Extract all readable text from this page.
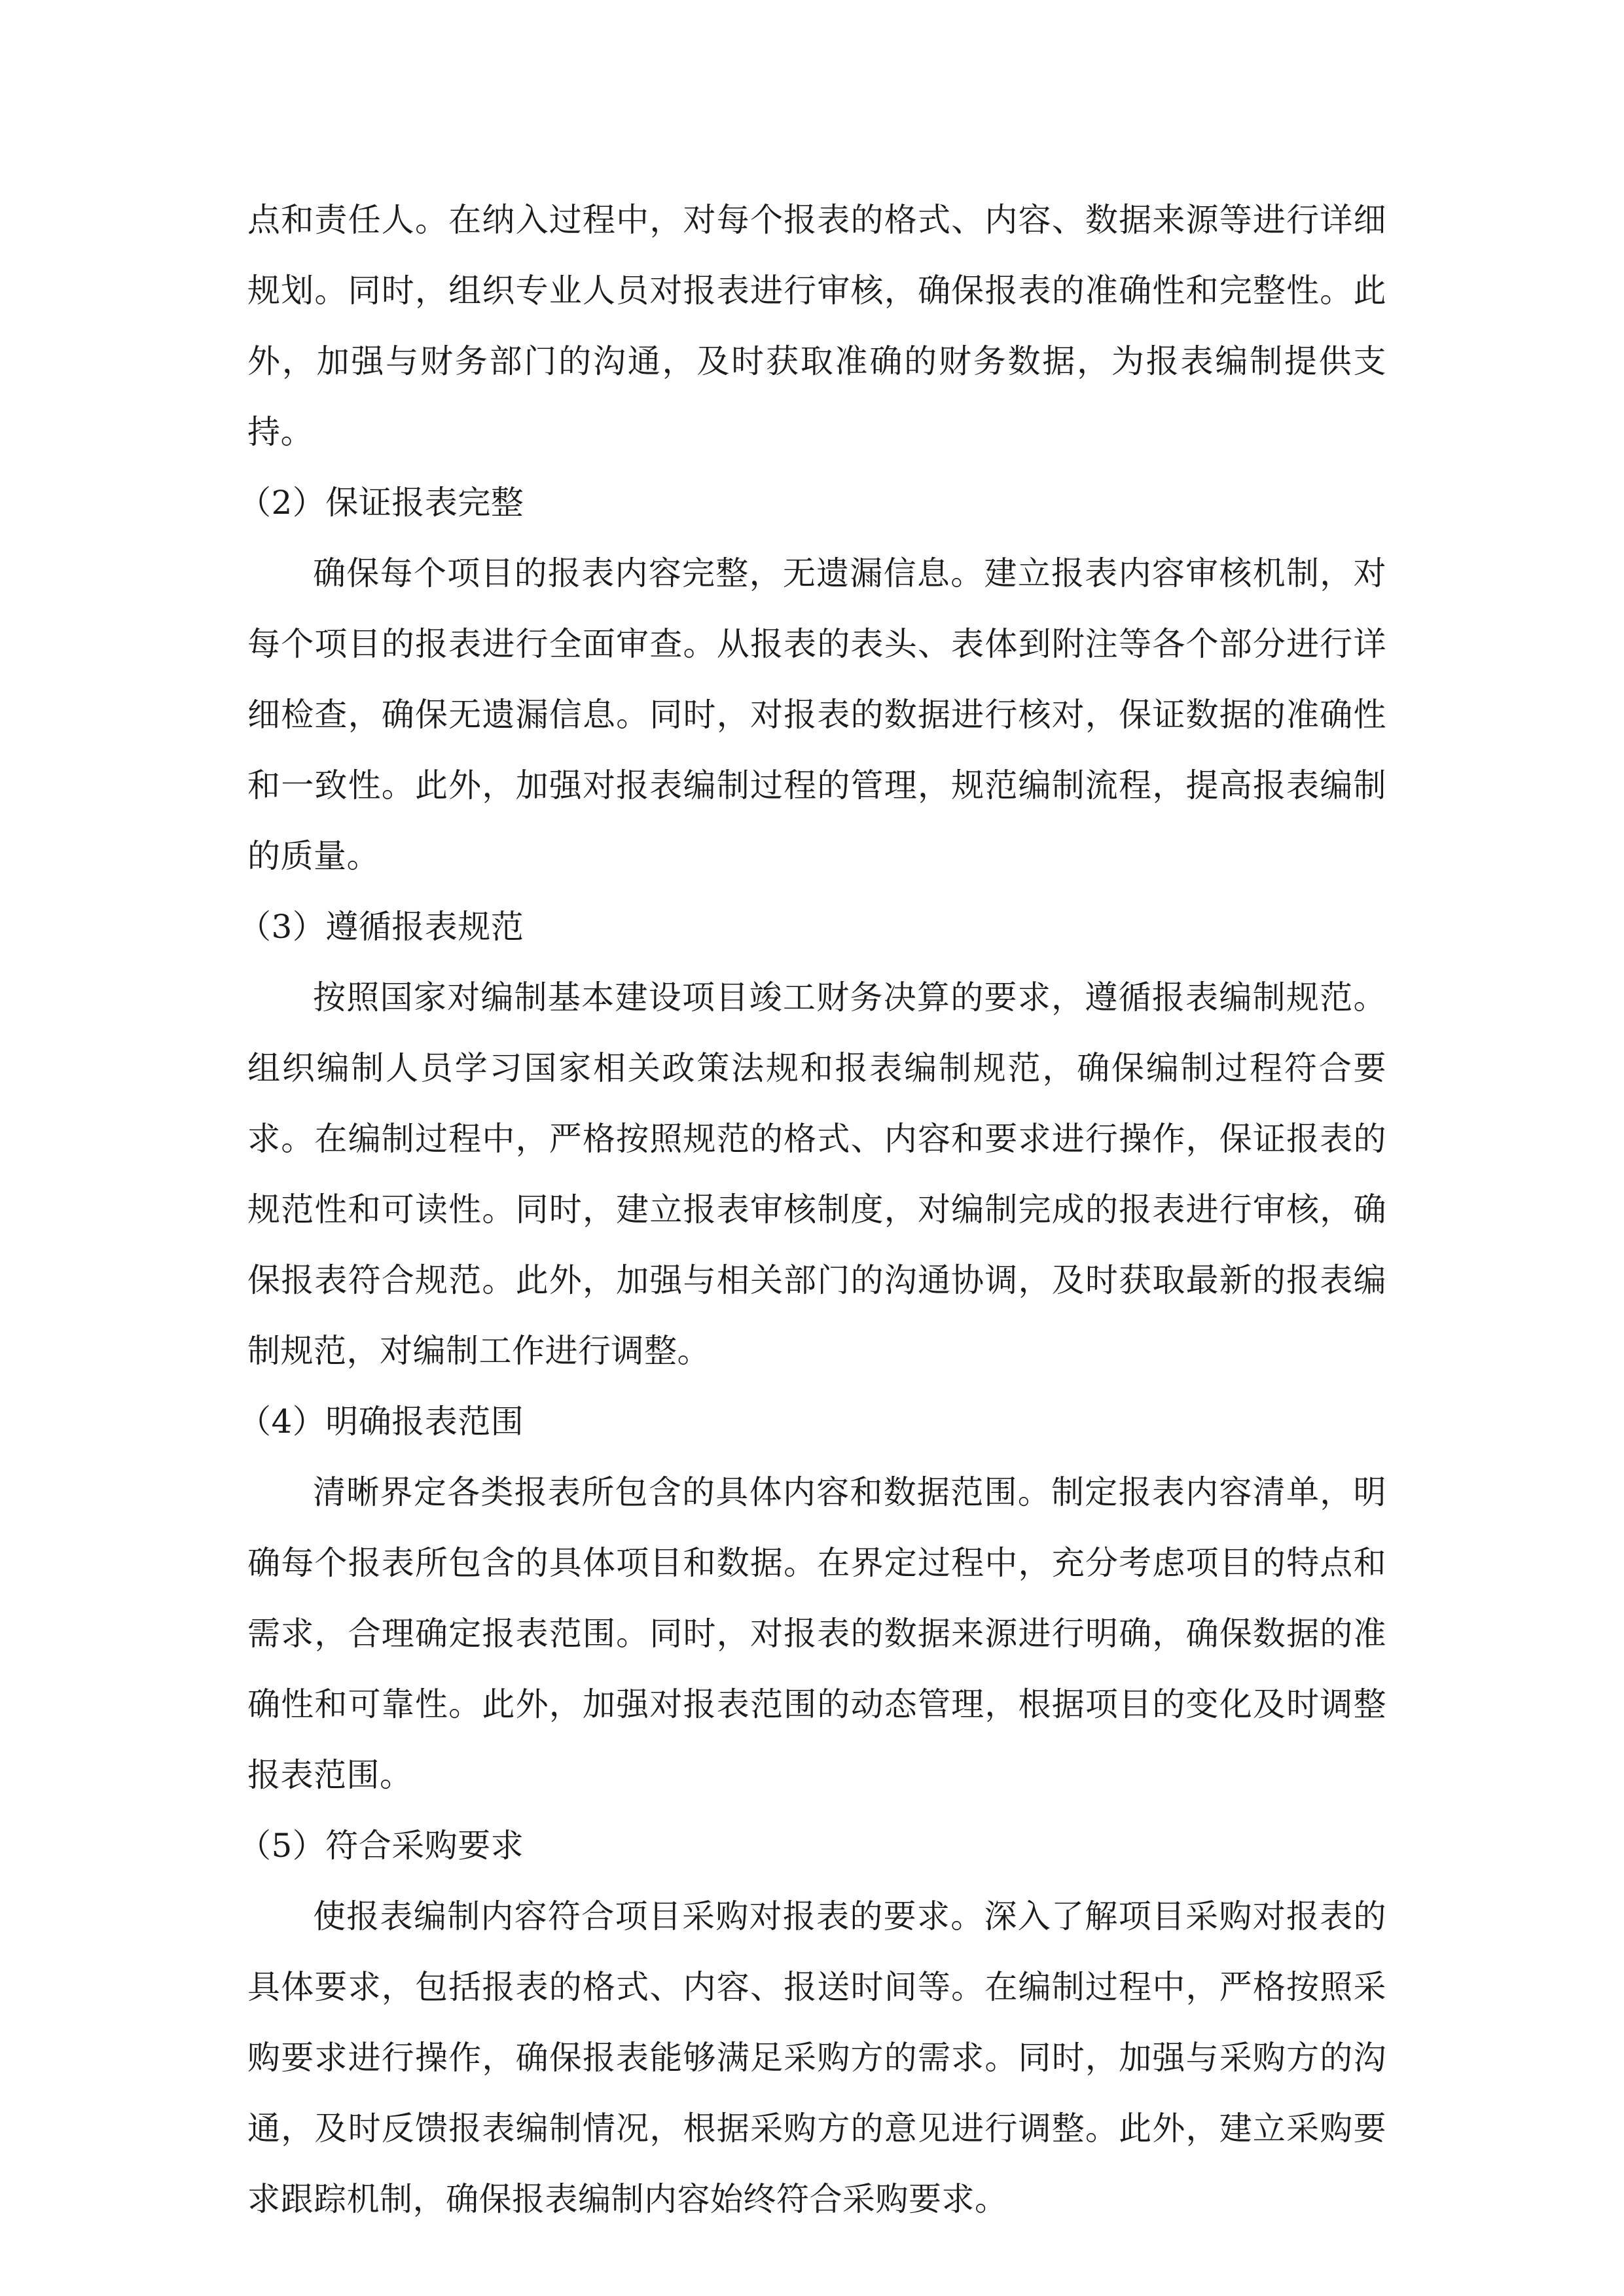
点和责任人。在纳入过程中，对每个报表的格式、内容、数据来源等进行详细规划。同时，组织专业人员对报表进行审核，确保报表的准确性和完整性。此外，加强与财务部门的沟通，及时获取准确的财务数据，为报表编制提供支持。

（2）保证报表完整

确保每个项目的报表内容完整，无遗漏信息。建立报表内容审核机制，对每个项目的报表进行全面审查。从报表的表头、表体到附注等各个部分进行详细检查，确保无遗漏信息。同时，对报表的数据进行核对，保证数据的准确性和一致性。此外，加强对报表编制过程的管理，规范编制流程，提高报表编制的质量。

（3）遵循报表规范

按照国家对编制基本建设项目竣工财务决算的要求，遵循报表编制规范。组织编制人员学习国家相关政策法规和报表编制规范，确保编制过程符合要求。在编制过程中，严格按照规范的格式、内容和要求进行操作，保证报表的规范性和可读性。同时，建立报表审核制度，对编制完成的报表进行审核，确保报表符合规范。此外，加强与相关部门的沟通协调，及时获取最新的报表编制规范，对编制工作进行调整。

（4）明确报表范围

清晰界定各类报表所包含的具体内容和数据范围。制定报表内容清单，明确每个报表所包含的具体项目和数据。在界定过程中，充分考虑项目的特点和需求，合理确定报表范围。同时，对报表的数据来源进行明确，确保数据的准确性和可靠性。此外，加强对报表范围的动态管理，根据项目的变化及时调整报表范围。

（5）符合采购要求

使报表编制内容符合项目采购对报表的要求。深入了解项目采购对报表的具体要求，包括报表的格式、内容、报送时间等。在编制过程中，严格按照采购要求进行操作，确保报表能够满足采购方的需求。同时，加强与采购方的沟通，及时反馈报表编制情况，根据采购方的意见进行调整。此外，建立采购要求跟踪机制，确保报表编制内容始终符合采购要求。
